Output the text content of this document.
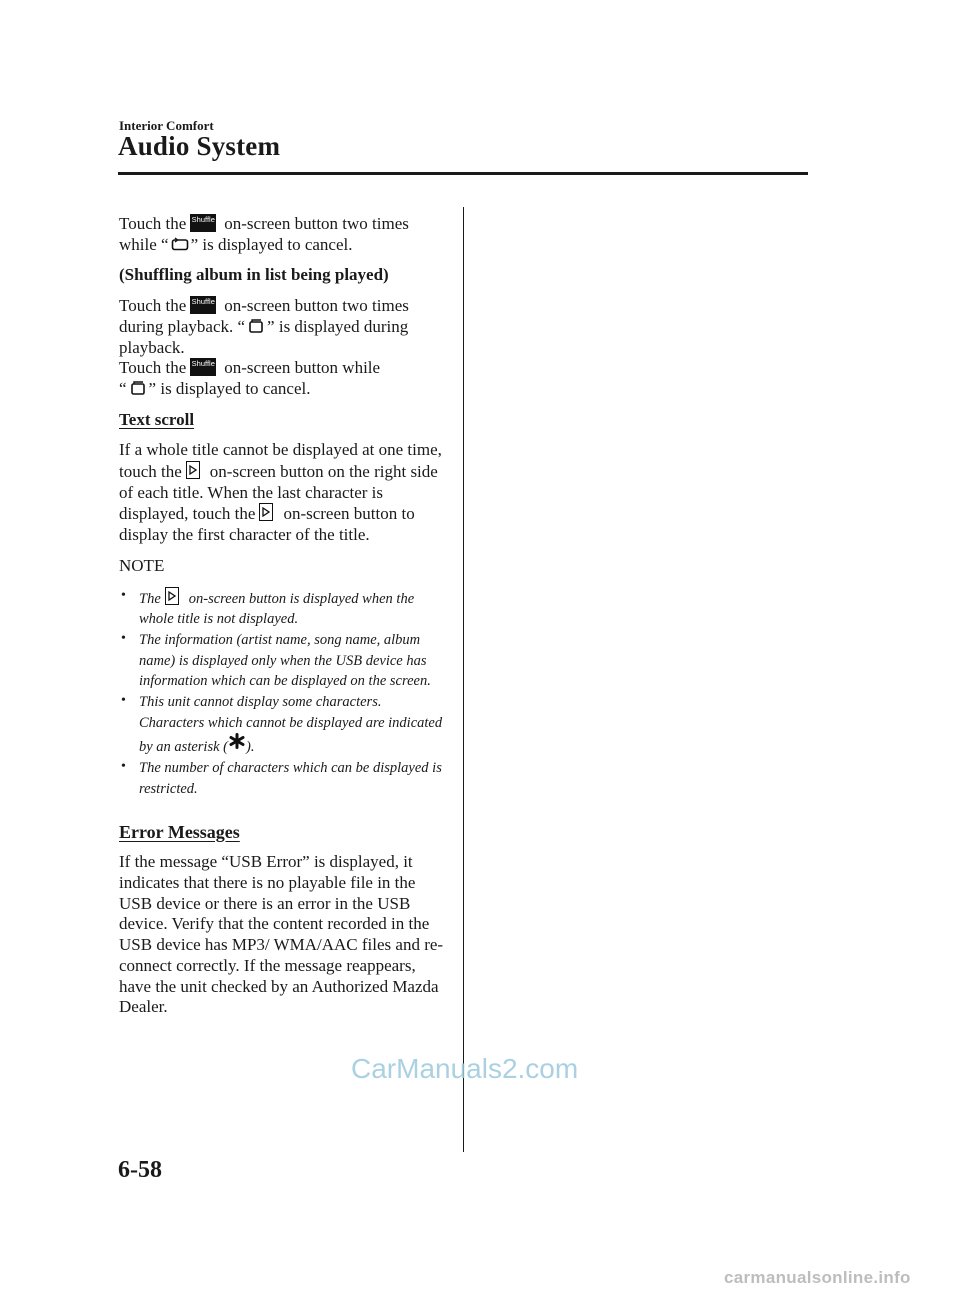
Interior Comfort
Audio System

Touch the Shuffle on-screen button two times while “ ” is displayed to cancel.

(Shuffling album in list being played)

Touch the Shuffle on-screen button two times during playback. “ ” is displayed during playback.
Touch the Shuffle on-screen button while
“ ” is displayed to cancel.

Text scroll

If a whole title cannot be displayed at one time, touch the on-screen button on the right side of each title. When the last character is displayed, touch the on-screen button to display the first character of the title.

NOTE

• The on-screen button is displayed when the whole title is not displayed.
• The information (artist name, song name, album name) is displayed only when the USB device has information which can be displayed on the screen.
• This unit cannot display some characters. Characters which cannot be displayed are indicated by an asterisk ( ).
• The number of characters which can be displayed is restricted.

Error Messages

If the message “USB Error” is displayed, it indicates that there is no playable file in the USB device or there is an error in the USB device. Verify that the content recorded in the USB device has MP3/ WMA/AAC files and re-connect correctly. If the message reappears, have the unit checked by an Authorized Mazda Dealer.

CarManuals2.com
6-58
carmanualsonline.info
